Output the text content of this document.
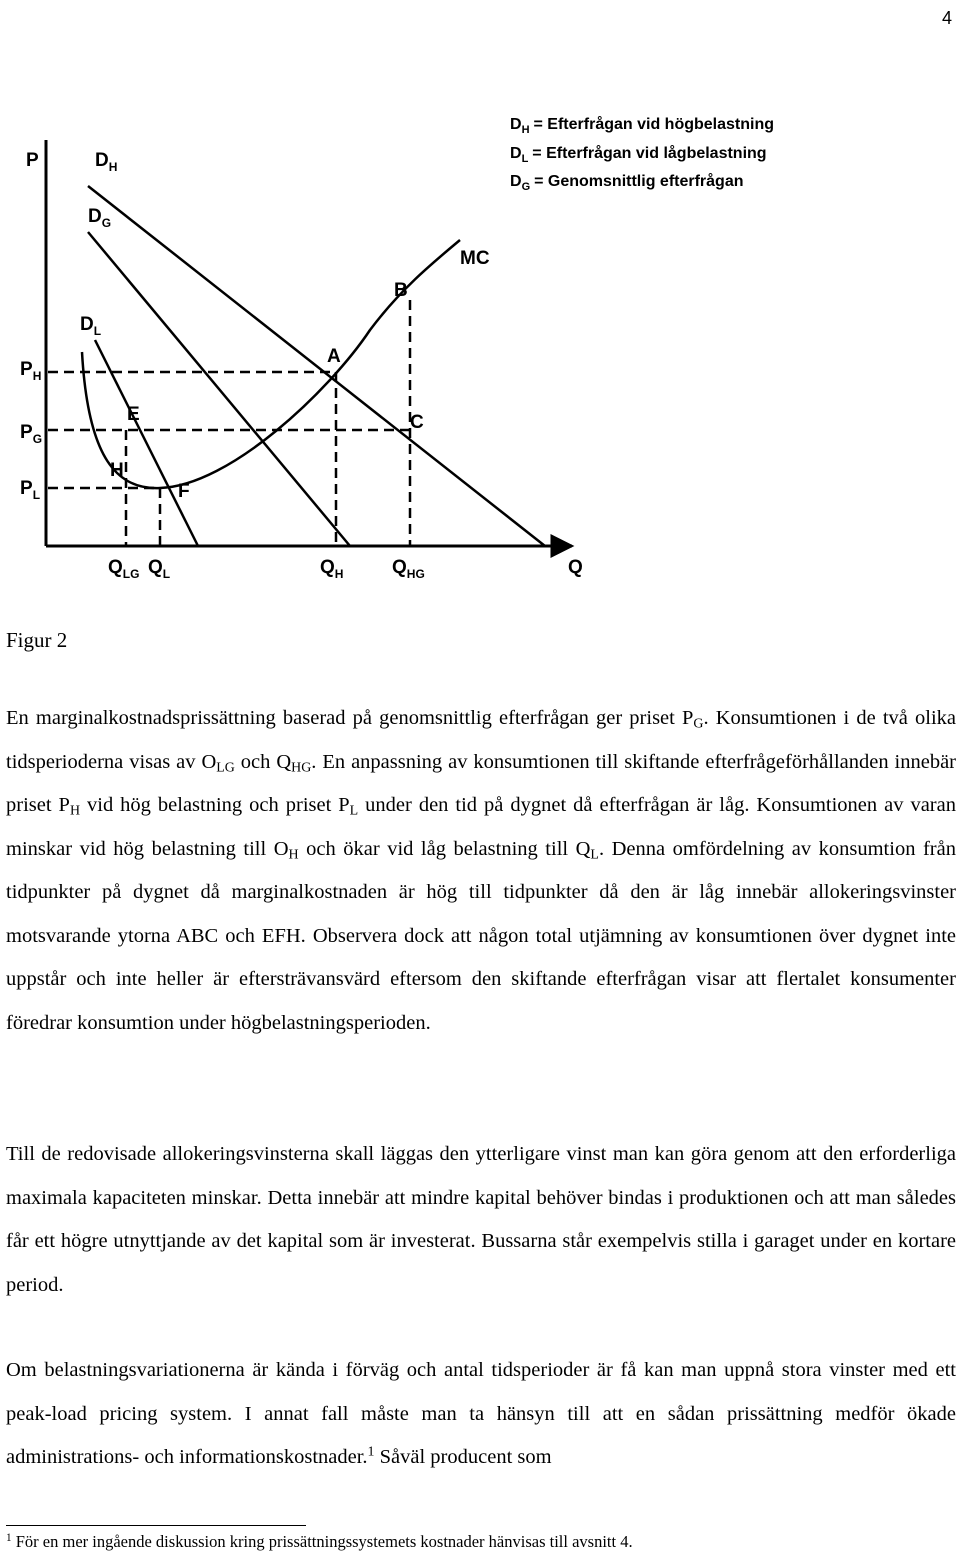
4
$D_H$ = Efterfrågan vid högbelastning
$D_L$ = Efterfrågan vid lågbelastning
$D_G$ = Genomsnittlig efterfrågan
P
Q
$P_H$
$P_G$
$P_L$
$Q_{LG}$ $Q_L$	$Q_H$	$Q_{HG}$
$D_H$
$D_G$
$D_L$
MC
A
B
C
E
F
H
Figur 2

En marginalkostnadsprissättning baserad på genomsnittlig efterfrågan ger priset $P_G$. Konsumtionen i de två olika tidsperioderna visas av $O_{LG}$ och $Q_{HG}$. En anpassning av konsumtionen till skiftande efterfrågeförhållanden innebär priset $P_H$ vid hög belastning och priset $P_L$ under den tid på dygnet då efterfrågan är låg. Konsumtionen av varan minskar vid hög belastning till $O_H$ och ökar vid låg belastning till $Q_L$. Denna omfördelning av konsumtion från tidpunkter på dygnet då marginalkostnaden är hög till tidpunkter då den är låg innebär allokeringsvinster motsvarande ytorna ABC och EFH. Observera dock att någon total utjämning av konsumtionen över dygnet inte uppstår och inte heller är eftersträvansvärd eftersom den skiftande efterfrågan visar att flertalet konsumenter föredrar konsumtion under högbelastningsperioden.

Till de redovisade allokeringsvinsterna skall läggas den ytterligare vinst man kan göra genom att den erforderliga maximala kapaciteten minskar. Detta innebär att mindre kapital behöver bindas i produktionen och att man således får ett högre utnyttjande av det kapital som är investerat. Bussarna står exempelvis stilla i garaget under en kortare period.

Om belastningsvariationerna är kända i förväg och antal tidsperioder är få kan man uppnå stora vinster med ett peak-load pricing system. I annat fall måste man ta hänsyn till att en sådan prissättning medför ökade administrations- och informationskostnader.$^1$ Såväl producent som

$^1$ För en mer ingående diskussion kring prissättningssystemets kostnader hänvisas till avsnitt 4.
